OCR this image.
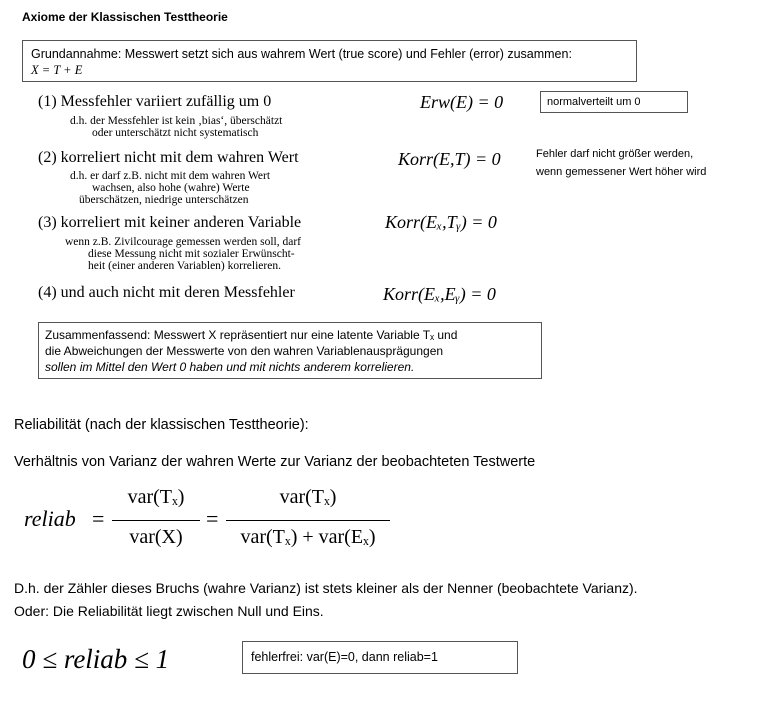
Axiome der Klassischen Testtheorie
Grundannahme: Messwert setzt sich aus wahrem Wert (true score) und Fehler (error) zusammen:
X = T + E
(1) Messfehler variiert zufällig um 0
d.h. der Messfehler ist kein ‚bias‘, überschätzt
oder unterschätzt nicht systematisch
Erw(E) = 0	normalverteilt um 0
(2) korreliert nicht mit dem wahren Wert
d.h. er darf z.B. nicht mit dem wahren Wert
wachsen, also hohe (wahre) Werte
überschätzen, niedrige unterschätzen
Korr(E,T) = 0	Fehler darf nicht größer werden,
wenn gemessener Wert höher wird
(3) korreliert mit keiner anderen Variable
wenn z.B. Zivilcourage gemessen werden soll, darf
diese Messung nicht mit sozialer Erwünscht-
heit (einer anderen Variablen) korrelieren.
Korr(Eₓ,Tᵧ) = 0
(4) und auch nicht mit deren Messfehler	Korr(Eₓ,Eᵧ) = 0
Zusammenfassend: Messwert X repräsentiert nur eine latente Variable Tₓ und
die Abweichungen der Messwerte von den wahren Variablenausprägungen
sollen im Mittel den Wert 0 haben und mit nichts anderem korrelieren.
Reliabilität (nach der klassischen Testtheorie):
Verhältnis von Varianz der wahren Werte zur Varianz der beobachteten Testwerte
reliab =
var(Tₓ)
var(X)
=
var(Tₓ)
var(Tₓ) + var(Eₓ)
D.h. der Zähler dieses Bruchs (wahre Varianz) ist stets kleiner als der Nenner (beobachtete Varianz).
Oder: Die Reliabilität liegt zwischen Null und Eins.
0 ≤ reliab ≤ 1	fehlerfrei: var(E)=0, dann reliab=1
